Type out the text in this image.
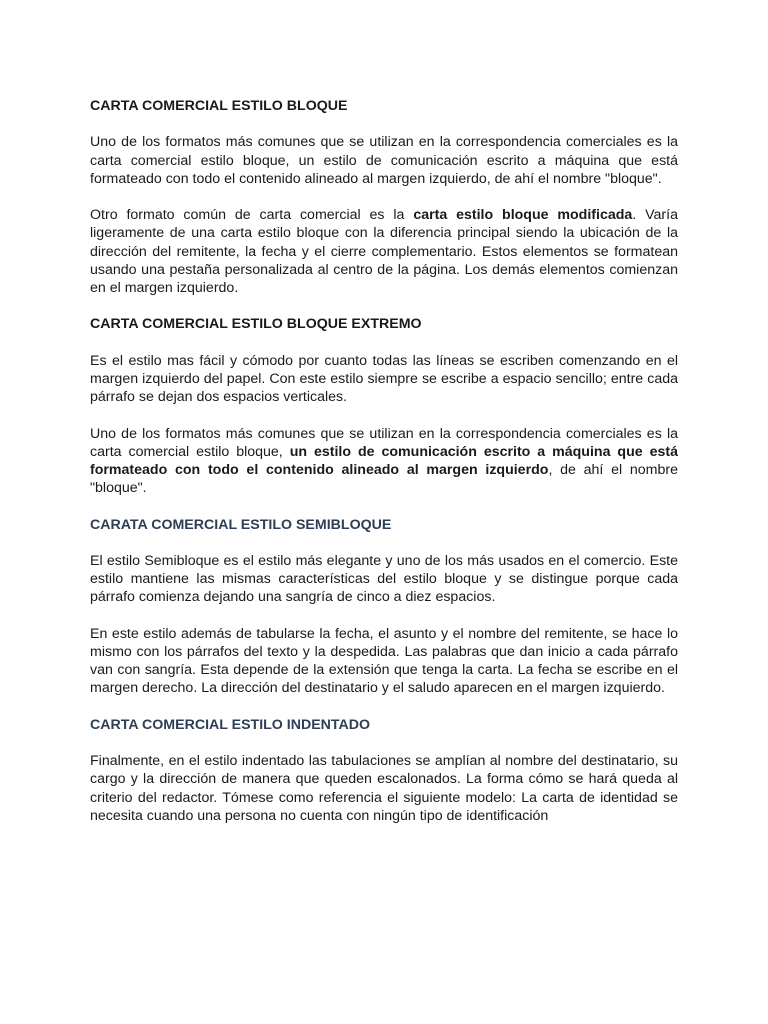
CARTA COMERCIAL ESTILO BLOQUE

Uno de los formatos más comunes que se utilizan en la correspondencia comerciales es la carta comercial estilo bloque, un estilo de comunicación escrito a máquina que está formateado con todo el contenido alineado al margen izquierdo, de ahí el nombre "bloque".

Otro formato común de carta comercial es la carta estilo bloque modificada. Varía ligeramente de una carta estilo bloque con la diferencia principal siendo la ubicación de la dirección del remitente, la fecha y el cierre complementario. Estos elementos se formatean usando una pestaña personalizada al centro de la página. Los demás elementos comienzan en el margen izquierdo.

CARTA COMERCIAL ESTILO BLOQUE EXTREMO

Es el estilo mas fácil y cómodo por cuanto todas las líneas se escriben comenzando en el margen izquierdo del papel. Con este estilo siempre se escribe a espacio sencillo; entre cada párrafo se dejan dos espacios verticales.

Uno de los formatos más comunes que se utilizan en la correspondencia comerciales es la carta comercial estilo bloque, un estilo de comunicación escrito a máquina que está formateado con todo el contenido alineado al margen izquierdo, de ahí el nombre "bloque".

CARATA COMERCIAL ESTILO SEMIBLOQUE

El estilo Semibloque es el estilo más elegante y uno de los más usados en el comercio. Este estilo mantiene las mismas características del estilo bloque y se distingue porque cada párrafo comienza dejando una sangría de cinco a diez espacios.

En este estilo además de tabularse la fecha, el asunto y el nombre del remitente, se hace lo mismo con los párrafos del texto y la despedida. Las palabras que dan inicio a cada párrafo van con sangría. Esta depende de la extensión que tenga la carta. La fecha se escribe en el margen derecho. La dirección del destinatario y el saludo aparecen en el margen izquierdo.

CARTA COMERCIAL ESTILO INDENTADO

Finalmente, en el estilo indentado las tabulaciones se amplían al nombre del destinatario, su cargo y la dirección de manera que queden escalonados. La forma cómo se hará queda al criterio del redactor. Tómese como referencia el siguiente modelo: La carta de identidad se necesita cuando una persona no cuenta con ningún tipo de identificación
